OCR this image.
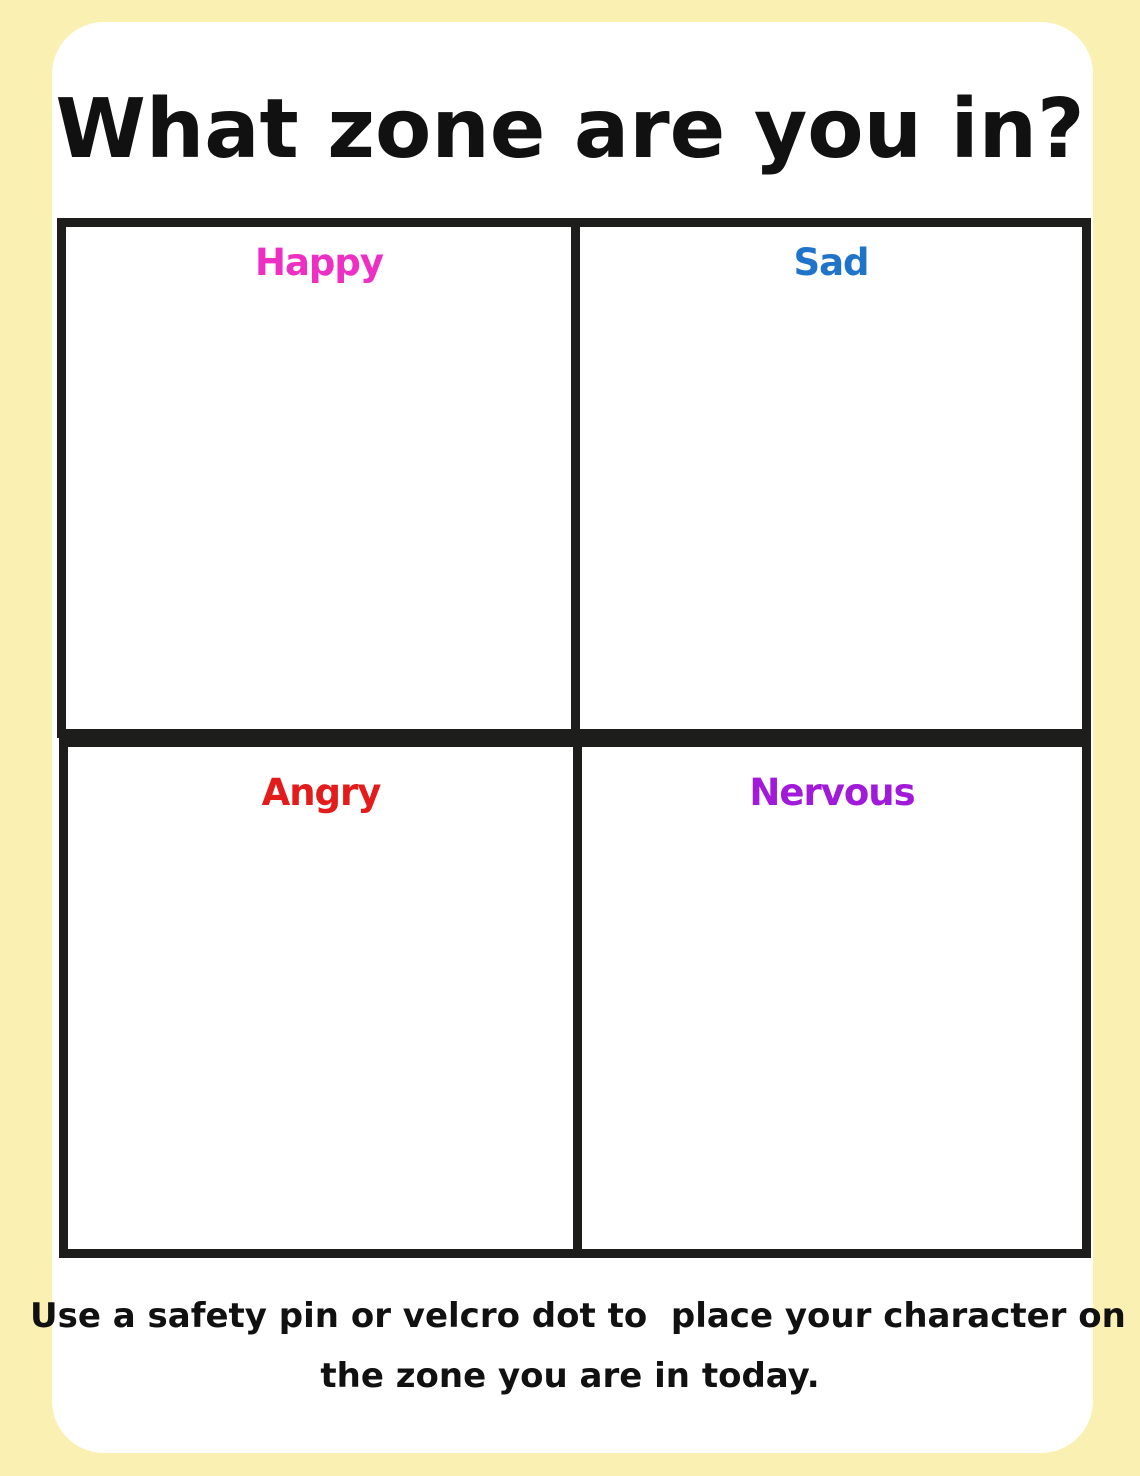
What zone are you in?
Happy	Sad
Angry	Nervous
Use a safety pin or velcro dot to  place your character on
the zone you are in today.
